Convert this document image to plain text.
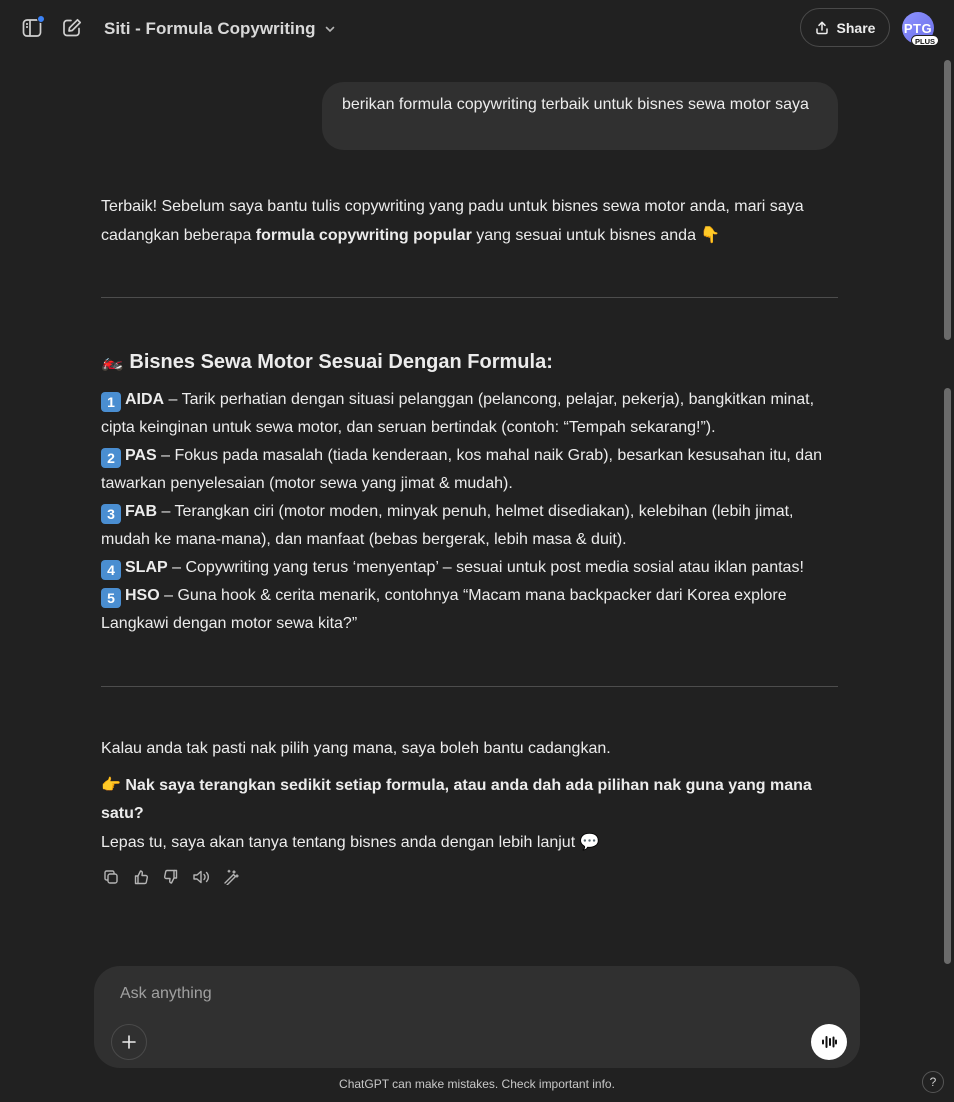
Siti - Formula Copywriting	Share PTG
PLUS
berikan formula copywriting terbaik untuk bisnes sewa motor saya
Terbaik! Sebelum saya bantu tulis copywriting yang padu untuk bisnes sewa motor anda, mari saya cadangkan beberapa formula copywriting popular yang sesuai untuk bisnes anda 👇
🏍️ Bisnes Sewa Motor Sesuai Dengan Formula:
1 AIDA – Tarik perhatian dengan situasi pelanggan (pelancong, pelajar, pekerja), bangkitkan minat, cipta keinginan untuk sewa motor, dan seruan bertindak (contoh: “Tempah sekarang!”).
2 PAS – Fokus pada masalah (tiada kenderaan, kos mahal naik Grab), besarkan kesusahan itu, dan tawarkan penyelesaian (motor sewa yang jimat & mudah).
3 FAB – Terangkan ciri (motor moden, minyak penuh, helmet disediakan), kelebihan (lebih jimat, mudah ke mana-mana), dan manfaat (bebas bergerak, lebih masa & duit).
4 SLAP – Copywriting yang terus ‘menyentap’ – sesuai untuk post media sosial atau iklan pantas!
5 HSO – Guna hook & cerita menarik, contohnya “Macam mana backpacker dari Korea explore Langkawi dengan motor sewa kita?”
Kalau anda tak pasti nak pilih yang mana, saya boleh bantu cadangkan.
👉 Nak saya terangkan sedikit setiap formula, atau anda dah ada pilihan nak guna yang mana satu?
Lepas tu, saya akan tanya tentang bisnes anda dengan lebih lanjut 💬
Ask anything
ChatGPT can make mistakes. Check important info.	?
